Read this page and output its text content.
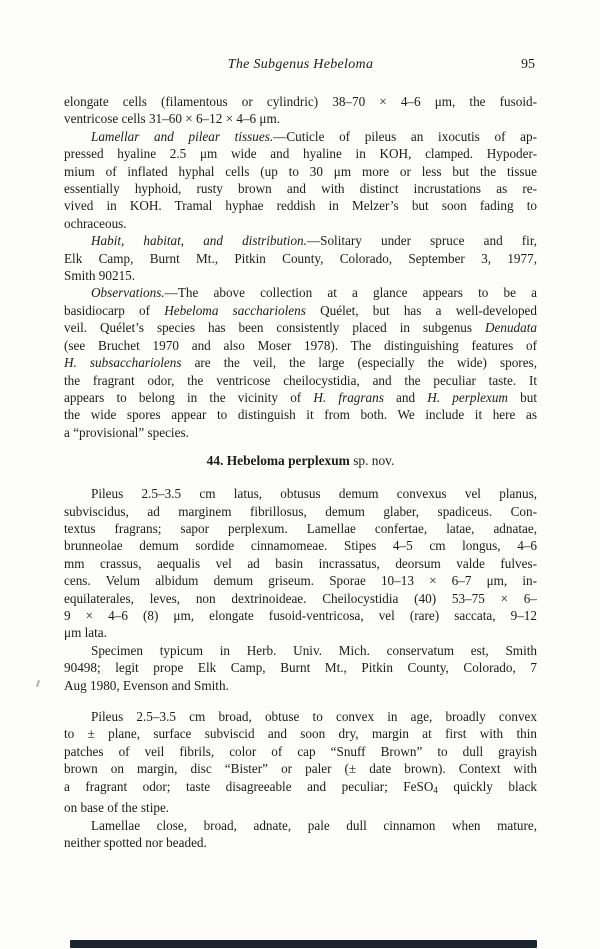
The Subgenus Hebeloma	95
elongate cells (filamentous or cylindric) 38–70 × 4–6 μm, the fusoid-
ventricose cells 31–60 × 6–12 × 4–6 μm.
Lamellar and pilear tissues.—Cuticle of pileus an ixocutis of ap-
pressed hyaline 2.5 μm wide and hyaline in KOH, clamped. Hypoder-
mium of inflated hyphal cells (up to 30 μm more or less but the tissue
essentially hyphoid, rusty brown and with distinct incrustations as re-
vived in KOH. Tramal hyphae reddish in Melzer’s but soon fading to
ochraceous.
Habit, habitat, and distribution.—Solitary under spruce and fir,
Elk Camp, Burnt Mt., Pitkin County, Colorado, September 3, 1977,
Smith 90215.
Observations.—The above collection at a glance appears to be a
basidiocarp of Hebeloma sacchariolens Quélet, but has a well-developed
veil. Quélet’s species has been consistently placed in subgenus Denudata
(see Bruchet 1970 and also Moser 1978). The distinguishing features of
H. subsacchariolens are the veil, the large (especially the wide) spores,
the fragrant odor, the ventricose cheilocystidia, and the peculiar taste. It
appears to belong in the vicinity of H. fragrans and H. perplexum but
the wide spores appear to distinguish it from both. We include it here as
a “provisional” species.
44. Hebeloma perplexum sp. nov.
Pileus 2.5–3.5 cm latus, obtusus demum convexus vel planus,
subviscidus, ad marginem fibrillosus, demum glaber, spadiceus. Con-
textus fragrans; sapor perplexum. Lamellae confertae, latae, adnatae,
brunneolae demum sordide cinnamomeae. Stipes 4–5 cm longus, 4–6
mm crassus, aequalis vel ad basin incrassatus, deorsum valde fulves-
cens. Velum albidum demum griseum. Sporae 10–13 × 6–7 μm, in-
equilaterales, leves, non dextrinoideae. Cheilocystidia (40) 53–75 × 6–
9 × 4–6 (8) μm, elongate fusoid-ventricosa, vel (rare) saccata, 9–12
μm lata.
Specimen typicum in Herb. Univ. Mich. conservatum est, Smith
90498; legit prope Elk Camp, Burnt Mt., Pitkin County, Colorado, 7
Aug 1980, Evenson and Smith.
Pileus 2.5–3.5 cm broad, obtuse to convex in age, broadly convex
to ± plane, surface subviscid and soon dry, margin at first with thin
patches of veil fibrils, color of cap “Snuff Brown” to dull grayish
brown on margin, disc “Bister” or paler (± date brown). Context with
a fragrant odor; taste disagreeable and peculiar; FeSO4 quickly black
on base of the stipe.
Lamellae close, broad, adnate, pale dull cinnamon when mature,
neither spotted nor beaded.
